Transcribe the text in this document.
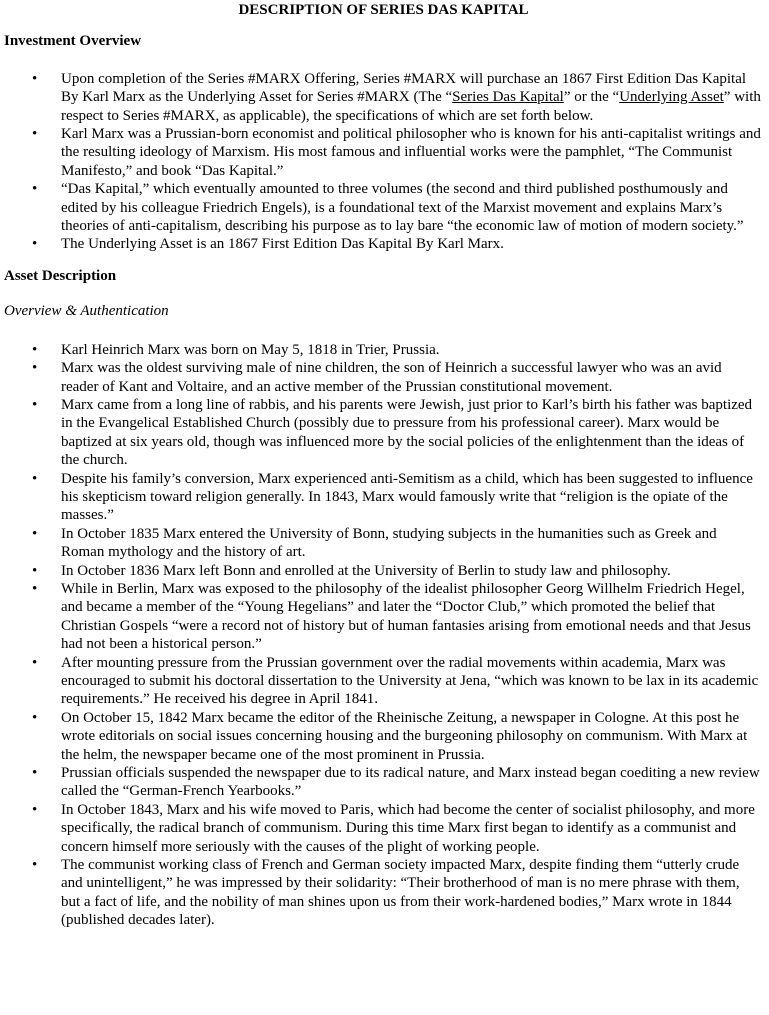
DESCRIPTION OF SERIES DAS KAPITAL
Investment Overview
• Upon completion of the Series #MARX Offering, Series #MARX will purchase an 1867 First Edition Das Kapital By Karl Marx as the Underlying Asset for Series #MARX (The “Series Das Kapital” or the “Underlying Asset” with respect to Series #MARX, as applicable), the specifications of which are set forth below.
• Karl Marx was a Prussian-born economist and political philosopher who is known for his anti-capitalist writings and the resulting ideology of Marxism. His most famous and influential works were the pamphlet, “The Communist Manifesto,” and book “Das Kapital.”
• “Das Kapital,” which eventually amounted to three volumes (the second and third published posthumously and edited by his colleague Friedrich Engels), is a foundational text of the Marxist movement and explains Marx’s theories of anti-capitalism, describing his purpose as to lay bare “the economic law of motion of modern society.”
• The Underlying Asset is an 1867 First Edition Das Kapital By Karl Marx.
Asset Description

Overview & Authentication

• Karl Heinrich Marx was born on May 5, 1818 in Trier, Prussia.
• Marx was the oldest surviving male of nine children, the son of Heinrich a successful lawyer who was an avid reader of Kant and Voltaire, and an active member of the Prussian constitutional movement.
• Marx came from a long line of rabbis, and his parents were Jewish, just prior to Karl’s birth his father was baptized in the Evangelical Established Church (possibly due to pressure from his professional career). Marx would be baptized at six years old, though was influenced more by the social policies of the enlightenment than the ideas of the church.
• Despite his family’s conversion, Marx experienced anti-Semitism as a child, which has been suggested to influence his skepticism toward religion generally. In 1843, Marx would famously write that “religion is the opiate of the masses.”
• In October 1835 Marx entered the University of Bonn, studying subjects in the humanities such as Greek and Roman mythology and the history of art.
• In October 1836 Marx left Bonn and enrolled at the University of Berlin to study law and philosophy.
• While in Berlin, Marx was exposed to the philosophy of the idealist philosopher Georg Willhelm Friedrich Hegel, and became a member of the “Young Hegelians” and later the “Doctor Club,” which promoted the belief that Christian Gospels “were a record not of history but of human fantasies arising from emotional needs and that Jesus had not been a historical person.”
• After mounting pressure from the Prussian government over the radial movements within academia, Marx was encouraged to submit his doctoral dissertation to the University at Jena, “which was known to be lax in its academic requirements.” He received his degree in April 1841.
• On October 15, 1842 Marx became the editor of the Rheinische Zeitung, a newspaper in Cologne. At this post he wrote editorials on social issues concerning housing and the burgeoning philosophy on communism. With Marx at the helm, the newspaper became one of the most prominent in Prussia.
• Prussian officials suspended the newspaper due to its radical nature, and Marx instead began coediting a new review called the “German-French Yearbooks.”
• In October 1843, Marx and his wife moved to Paris, which had become the center of socialist philosophy, and more specifically, the radical branch of communism. During this time Marx first began to identify as a communist and concern himself more seriously with the causes of the plight of working people.
• The communist working class of French and German society impacted Marx, despite finding them “utterly crude and unintelligent,” he was impressed by their solidarity: “Their brotherhood of man is no mere phrase with them, but a fact of life, and the nobility of man shines upon us from their work-hardened bodies,” Marx wrote in 1844 (published decades later).
